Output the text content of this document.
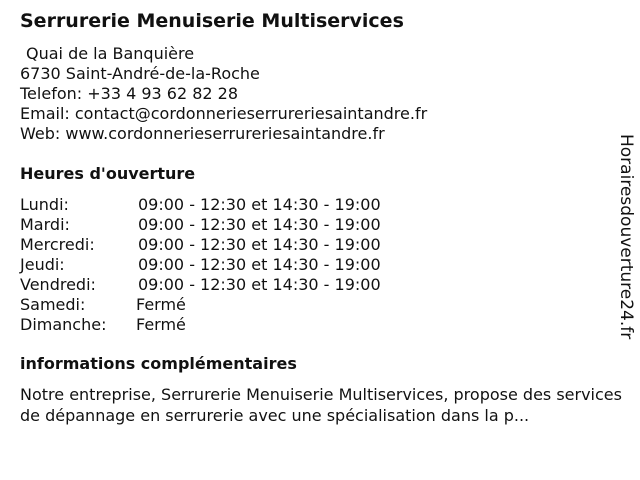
Serrurerie Menuiserie Multiservices
Quai de la Banquière
6730 Saint-André-de-la-Roche
Telefon: +33 4 93 62 82 28
Email: contact@cordonnerieserrureriesaintandre.fr
Web: www.cordonnerieserrureriesaintandre.fr
Heures d'ouverture
Lundi:	09:00 - 12:30 et 14:30 - 19:00
Mardi:	09:00 - 12:30 et 14:30 - 19:00
Mercredi:	09:00 - 12:30 et 14:30 - 19:00
Jeudi:	09:00 - 12:30 et 14:30 - 19:00
Vendredi:	09:00 - 12:30 et 14:30 - 19:00
Samedi:	Fermé
Dimanche:	Fermé
informations complémentaires
Notre entreprise, Serrurerie Menuiserie Multiservices, propose des services de dépannage en serrurerie avec une spécialisation dans la p...
Horairesdouverture24.fr
